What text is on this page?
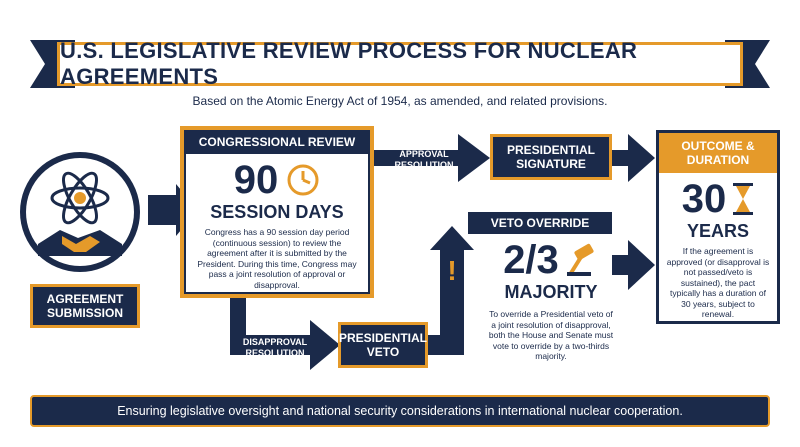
U.S. LEGISLATIVE REVIEW PROCESS FOR NUCLEAR AGREEMENTS
Based on the Atomic Energy Act of 1954, as amended, and related provisions.
AGREEMENT
SUBMISSION
CONGRESSIONAL REVIEW
90
SESSION DAYS
Congress has a 90 session day period (continuous session) to review the agreement after it is submitted by the President. During this time, Congress may pass a joint resolution of approval or disapproval.
APPROVAL
RESOLUTION
PRESIDENTIAL
SIGNATURE
DISAPPROVAL
RESOLUTION
PRESIDENTIAL
VETO
!
VETO OVERRIDE
2/3
MAJORITY
To override a Presidential veto of a joint resolution of disapproval, both the House and Senate must vote to override by a two-thirds majority.
OUTCOME &
DURATION
30
YEARS
If the agreement is approved (or disapproval is not passed/veto is sustained), the pact typically has a duration of 30 years, subject to renewal.
Ensuring legislative oversight and national security considerations in international nuclear cooperation.
